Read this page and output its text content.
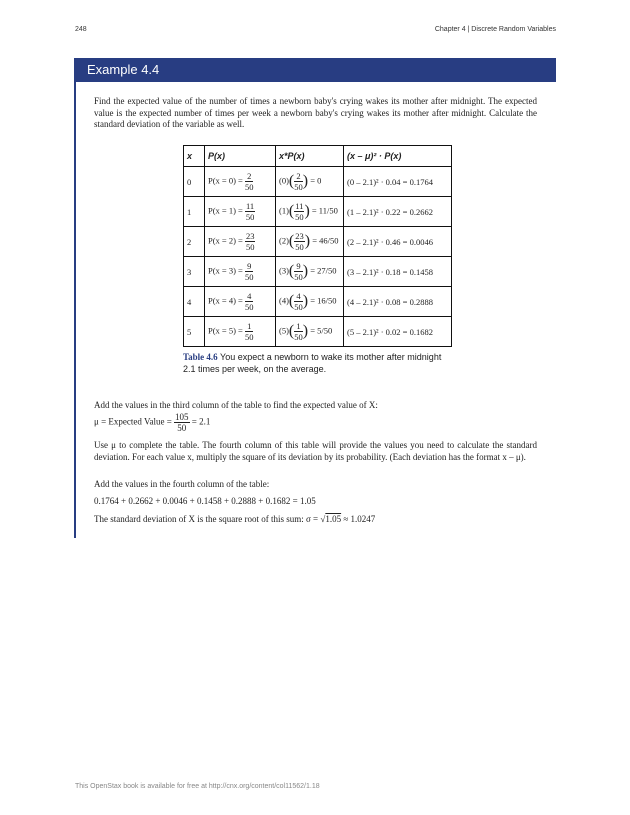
248	Chapter 4 | Discrete Random Variables
Example 4.4

Find the expected value of the number of times a newborn baby's crying wakes its mother after midnight. The expected value is the expected number of times per week a newborn baby's crying wakes its mother after midnight. Calculate the standard deviation of the variable as well.

x	P(x)	x*P(x)	(x – μ)² · P(x)
0	$P(x = 0) = \frac{2}{50}$	$(0)( \frac{2}{50}$ ) = 0	(0 – 2.1)² · 0.04 = 0.1764
1	$P(x = 1) = \frac{11}{50}$	$(1)( \frac{11}{50}$ ) = 11/50	(1 – 2.1)² · 0.22 = 0.2662
2	$P(x = 2) = \frac{23}{50}$	$(2)( \frac{23}{50}$ ) = 46/50	(2 – 2.1)² · 0.46 = 0.0046
3	$P(x = 3) = \frac{9}{50}$	$(3)( \frac{9}{50}$ ) = 27/50	(3 – 2.1)² · 0.18 = 0.1458
4	$P(x = 4) = \frac{4}{50}$	$(4)( \frac{4}{50}$ ) = 16/50	(4 – 2.1)² · 0.08 = 0.2888
5	$P(x = 5) = \frac{1}{50}$	$(5)( \frac{1}{50}$ ) = 5/50	(5 – 2.1)² · 0.02 = 0.1682
Table 4.6 You expect a newborn to wake its mother after midnight 2.1 times per week, on the average.

Add the values in the third column of the table to find the expected value of X:

μ = Expected Value = $\frac{105}{50} = 2.1$

Use μ to complete the table. The fourth column of this table will provide the values you need to calculate the standard deviation. For each value x, multiply the square of its deviation by its probability. (Each deviation has the format x – μ).

Add the values in the fourth column of the table:

0.1764 + 0.2662 + 0.0046 + 0.1458 + 0.2888 + 0.1682 = 1.05

The standard deviation of X is the square root of this sum: σ = √1.05 ≈ 1.0247

This OpenStax book is available for free at http://cnx.org/content/col11562/1.18
